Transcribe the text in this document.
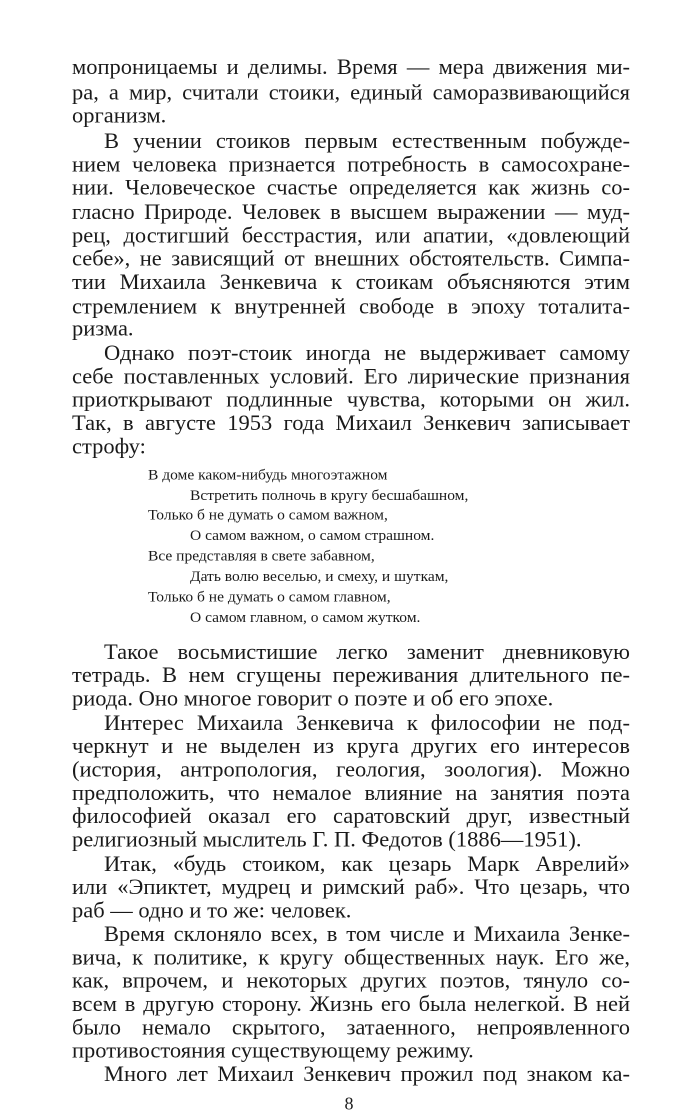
мопроницаемы и делимы. Время — мера движения ми-
ра, а мир, считали стоики, единый саморазвивающийся
организм.
В учении стоиков первым естественным побужде-
нием человека признается потребность в самосохране-
нии. Человеческое счастье определяется как жизнь со-
гласно Природе. Человек в высшем выражении — муд-
рец, достигший бесстрастия, или апатии, «довлеющий
себе», не зависящий от внешних обстоятельств. Симпа-
тии Михаила Зенкевича к стоикам объясняются этим
стремлением к внутренней свободе в эпоху тоталита-
ризма.
Однако поэт-стоик иногда не выдерживает самому
себе поставленных условий. Его лирические признания
приоткрывают подлинные чувства, которыми он жил.
Так, в августе 1953 года Михаил Зенкевич записывает
строфу:
В доме каком-нибудь многоэтажном
Встретить полночь в кругу бесшабашном,
Только б не думать о самом важном,
О самом важном, о самом страшном.
Все представляя в свете забавном,
Дать волю веселью, и смеху, и шуткам,
Только б не думать о самом главном,
О самом главном, о самом жутком.
Такое восьмистишие легко заменит дневниковую
тетрадь. В нем сгущены переживания длительного пе-
риода. Оно многое говорит о поэте и об его эпохе.
Интерес Михаила Зенкевича к философии не под-
черкнут и не выделен из круга других его интересов
(история, антропология, геология, зоология). Можно
предположить, что немалое влияние на занятия поэта
философией оказал его саратовский друг, известный
религиозный мыслитель Г. П. Федотов (1886—1951).
Итак, «будь стоиком, как цезарь Марк Аврелий»
или «Эпиктет, мудрец и римский раб». Что цезарь, что
раб — одно и то же: человек.
Время склоняло всех, в том числе и Михаила Зенке-
вича, к политике, к кругу общественных наук. Его же,
как, впрочем, и некоторых других поэтов, тянуло со-
всем в другую сторону. Жизнь его была нелегкой. В ней
было немало скрытого, затаенного, непроявленного
противостояния существующему режиму.
Много лет Михаил Зенкевич прожил под знаком ка-
8
